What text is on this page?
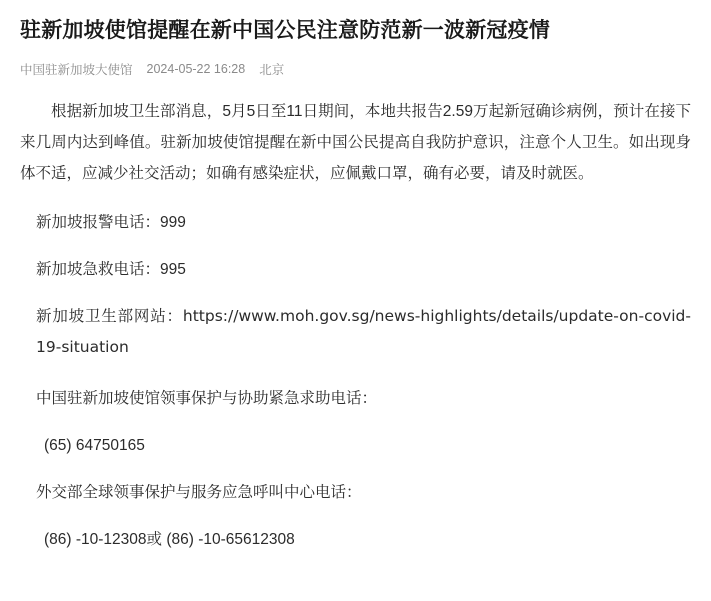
驻新加坡使馆提醒在新中国公民注意防范新一波新冠疫情
中国驻新加坡大使馆 2024-05-22 16:28 北京

根据新加坡卫生部消息，5月5日至11日期间，本地共报告2.59万起新冠确诊病例，预计在接下来几周内达到峰值。驻新加坡使馆提醒在新中国公民提高自我防护意识，注意个人卫生。如出现身体不适，应减少社交活动；如确有感染症状，应佩戴口罩，确有必要，请及时就医。

新加坡报警电话：999

新加坡急救电话：995

新加坡卫生部网站：https://www.moh.gov.sg/news-highlights/details/update-on-covid-19-situation

中国驻新加坡使馆领事保护与协助紧急求助电话：

(65) 64750165

外交部全球领事保护与服务应急呼叫中心电话：

(86) -10-12308或 (86) -10-65612308
